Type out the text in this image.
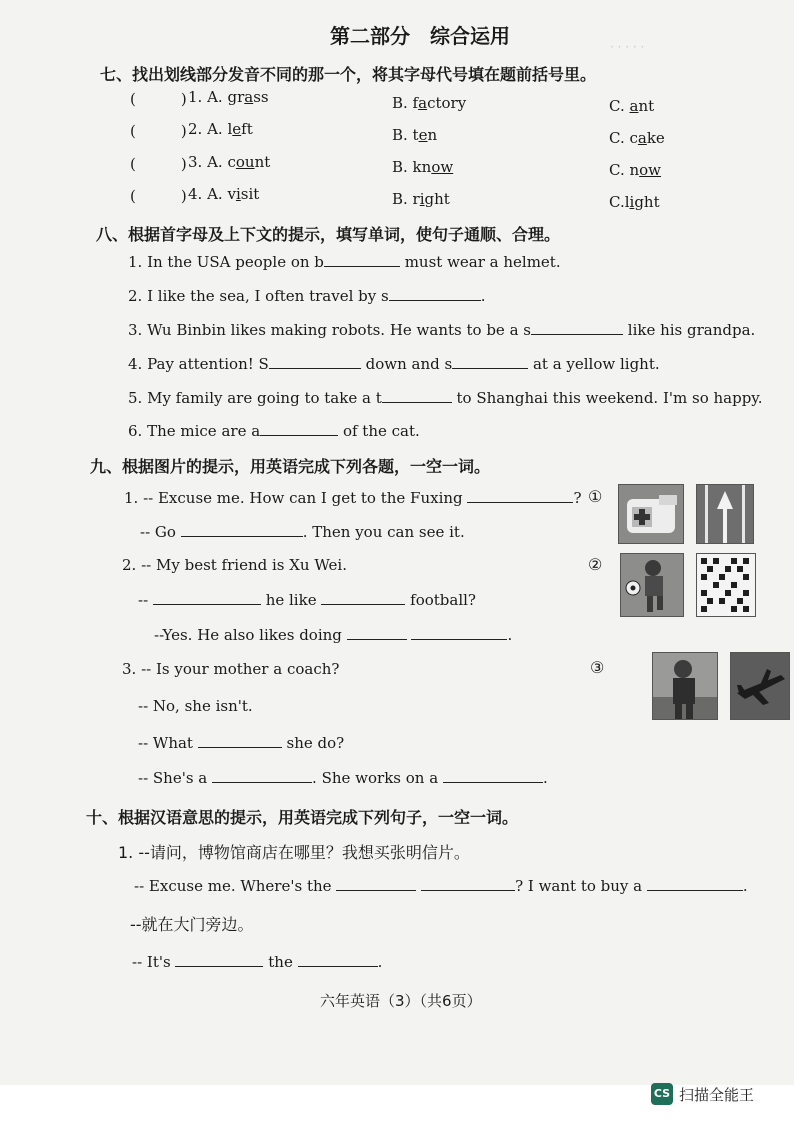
· · · · ·
第二部分　综合运用
七、找出划线部分发音不同的那一个，将其字母代号填在题前括号里。
(　　　) 1. A. grass	B. factory	C. ant
(　　　) 2. A. left	B. ten	C. cake
(　　　) 3. A. count	B. know	C. now
(　　　) 4. A. visit	B. right	C.light
八、根据首字母及上下文的提示，填写单词，使句子通顺、合理。
1. In the USA people on b	must wear a helmet.
2. I like the sea, I often travel by s	.
3. Wu Binbin likes making robots. He wants to be a s	like his grandpa.
4. Pay attention! S	down and s	at a yellow light.
5. My family are going to take a t	to Shanghai this weekend. I'm so happy.
6. The mice are a	of the cat.
九、根据图片的提示，用英语完成下列各题，一空一词。
1. -- Excuse me. How can I get to the Fuxing	?
-- Go	. Then you can see it.
①
2. -- My best friend is Xu Wei.
--	he like	football?
--Yes. He also likes doing	.
②
3. -- Is your mother a coach?
-- No, she isn't.
-- What	she do?
-- She's a	. She works on a	.
③
十、根据汉语意思的提示，用英语完成下列句子，一空一词。
1. --请问，博物馆商店在哪里？我想买张明信片。
-- Excuse me. Where's the	? I want to buy a	.
--就在大门旁边。
-- It's	the	.
六年英语（3）（共6页）
CS 扫描全能王
